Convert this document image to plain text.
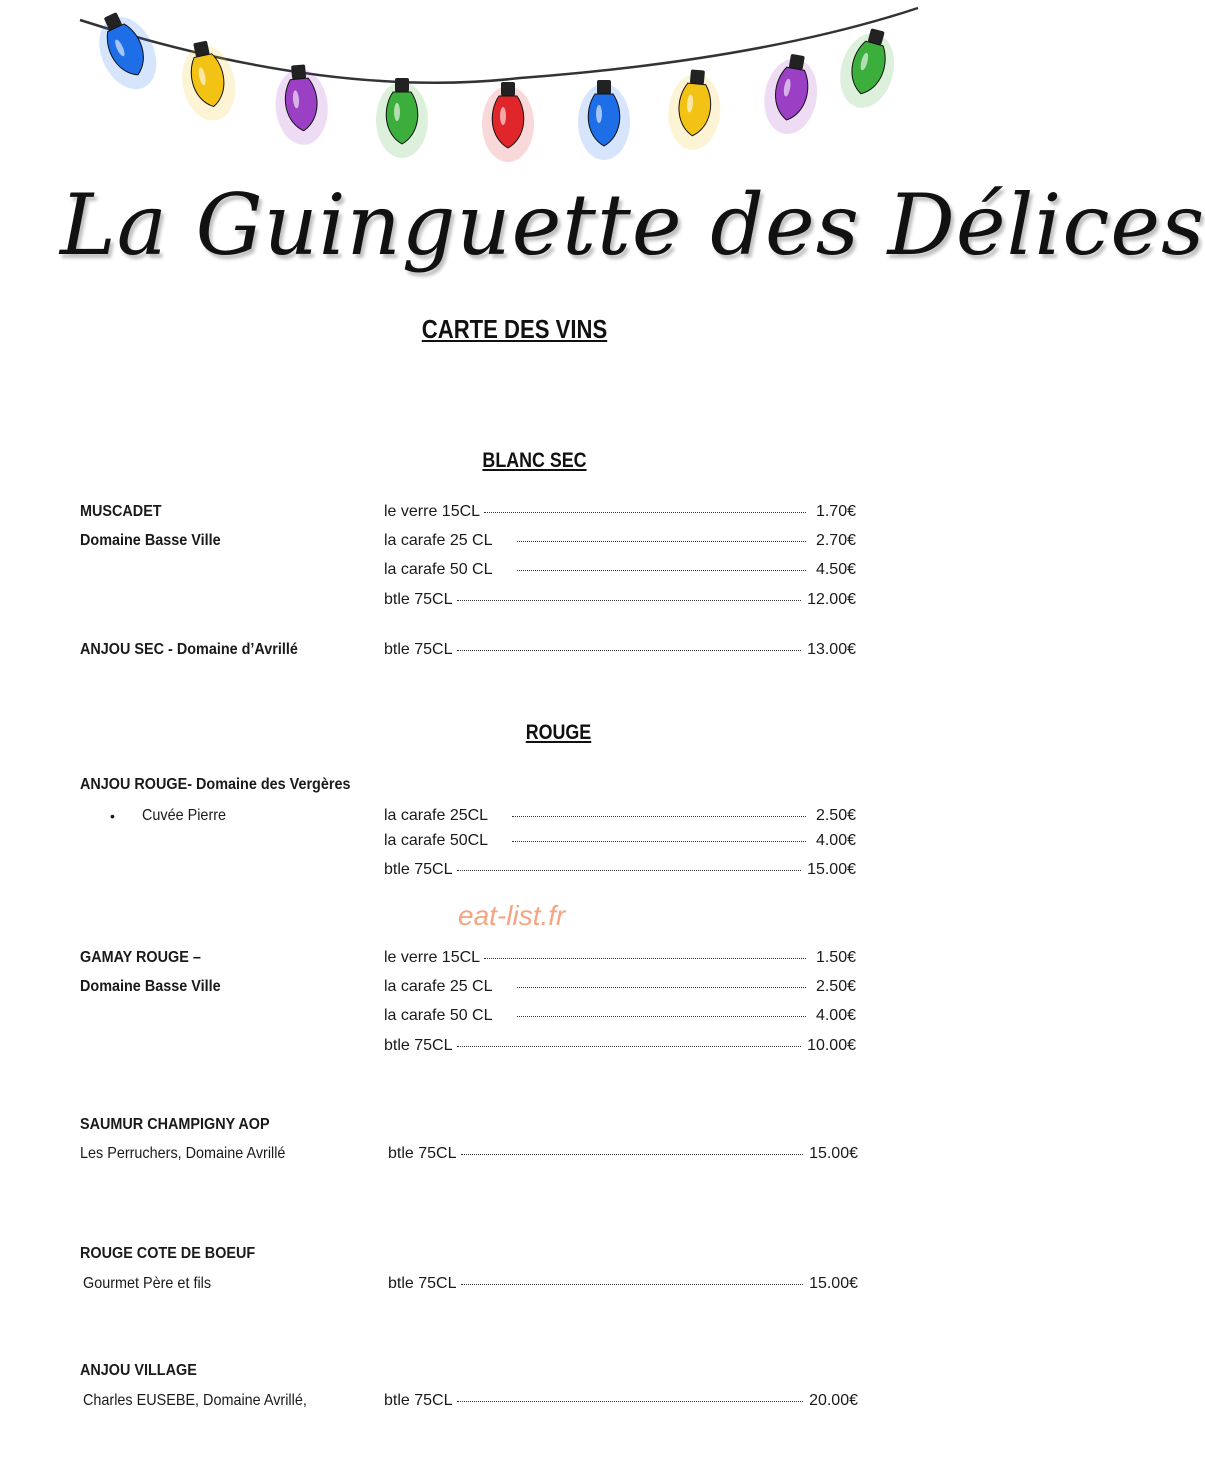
La Guinguette des Délices
CARTE DES VINS
BLANC SEC
MUSCADET
Domaine Basse Ville
le verre 15CL	1.70€
la carafe 25 CL	2.70€
la carafe 50 CL	4.50€
btle 75CL	12.00€
ANJOU SEC - Domaine d’Avrillé	btle 75CL	13.00€
ROUGE
ANJOU ROUGE- Domaine des Vergères
• Cuvée Pierre	la carafe 25CL	2.50€
la carafe 50CL	4.00€
btle 75CL	15.00€
eat-list.fr
GAMAY ROUGE –
Domaine Basse Ville
le verre 15CL	1.50€
la carafe 25 CL	2.50€
la carafe 50 CL	4.00€
btle 75CL	10.00€
SAUMUR CHAMPIGNY AOP
Les Perruchers, Domaine Avrillé	btle 75CL	15.00€
ROUGE COTE DE BOEUF
Gourmet Père et fils	btle 75CL	15.00€
ANJOU VILLAGE
Charles EUSEBE, Domaine Avrillé,	btle 75CL	20.00€
